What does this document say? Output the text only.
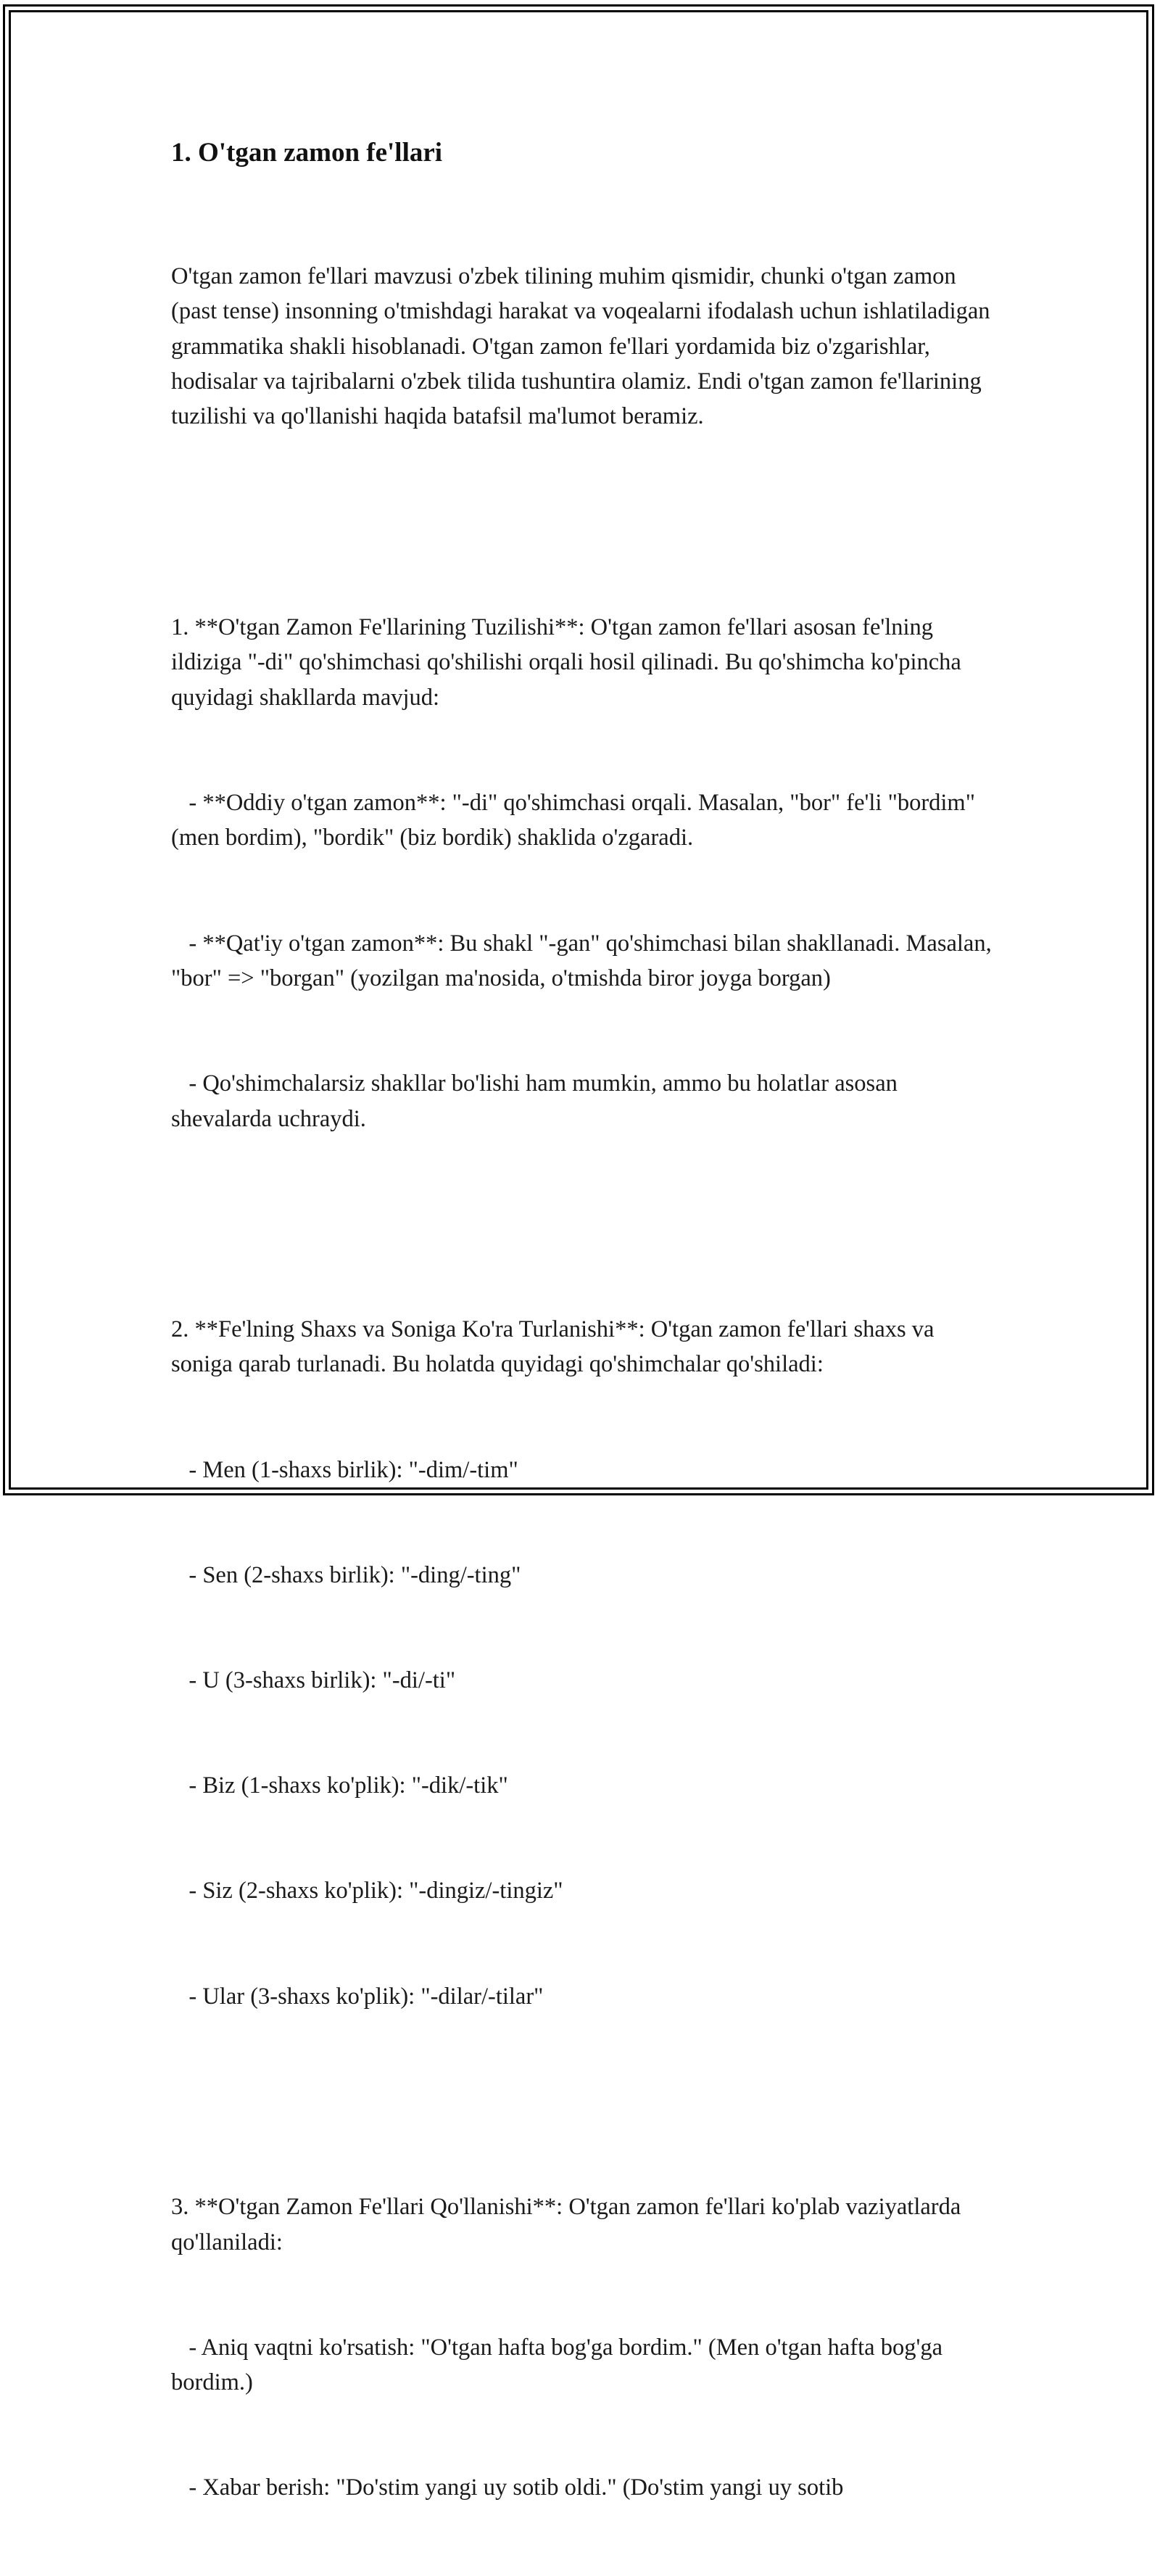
1. O'tgan zamon fe'llari

O'tgan zamon fe'llari mavzusi o'zbek tilining muhim qismidir, chunki o'tgan zamon (past tense) insonning o'tmishdagi harakat va voqealarni ifodalash uchun ishlatiladigan grammatika shakli hisoblanadi. O'tgan zamon fe'llari yordamida biz o'zgarishlar, hodisalar va tajribalarni o'zbek tilida tushuntira olamiz. Endi o'tgan zamon fe'llarining tuzilishi va qo'llanishi haqida batafsil ma'lumot beramiz.

1. **O'tgan Zamon Fe'llarining Tuzilishi**: O'tgan zamon fe'llari asosan fe'lning ildiziga "-di" qo'shimchasi qo'shilishi orqali hosil qilinadi. Bu qo'shimcha ko'pincha quyidagi shakllarda mavjud:

- **Oddiy o'tgan zamon**: "-di" qo'shimchasi orqali. Masalan, "bor" fe'li "bordim" (men bordim), "bordik" (biz bordik) shaklida o'zgaradi.

- **Qat'iy o'tgan zamon**: Bu shakl "-gan" qo'shimchasi bilan shakllanadi. Masalan, "bor" => "borgan" (yozilgan ma'nosida, o'tmishda biror joyga borgan)

- Qo'shimchalarsiz shakllar bo'lishi ham mumkin, ammo bu holatlar asosan shevalarda uchraydi.

2. **Fe'lning Shaxs va Soniga Ko'ra Turlanishi**: O'tgan zamon fe'llari shaxs va soniga qarab turlanadi. Bu holatda quyidagi qo'shimchalar qo'shiladi:

- Men (1-shaxs birlik): "-dim/-tim"

- Sen (2-shaxs birlik): "-ding/-ting"

- U (3-shaxs birlik): "-di/-ti"

- Biz (1-shaxs ko'plik): "-dik/-tik"

- Siz (2-shaxs ko'plik): "-dingiz/-tingiz"

- Ular (3-shaxs ko'plik): "-dilar/-tilar"

3. **O'tgan Zamon Fe'llari Qo'llanishi**: O'tgan zamon fe'llari ko'plab vaziyatlarda qo'llaniladi:

- Aniq vaqtni ko'rsatish: "O'tgan hafta bog'ga bordim." (Men o'tgan hafta bog'ga bordim.)

- Xabar berish: "Do'stim yangi uy sotib oldi." (Do'stim yangi uy sotib
